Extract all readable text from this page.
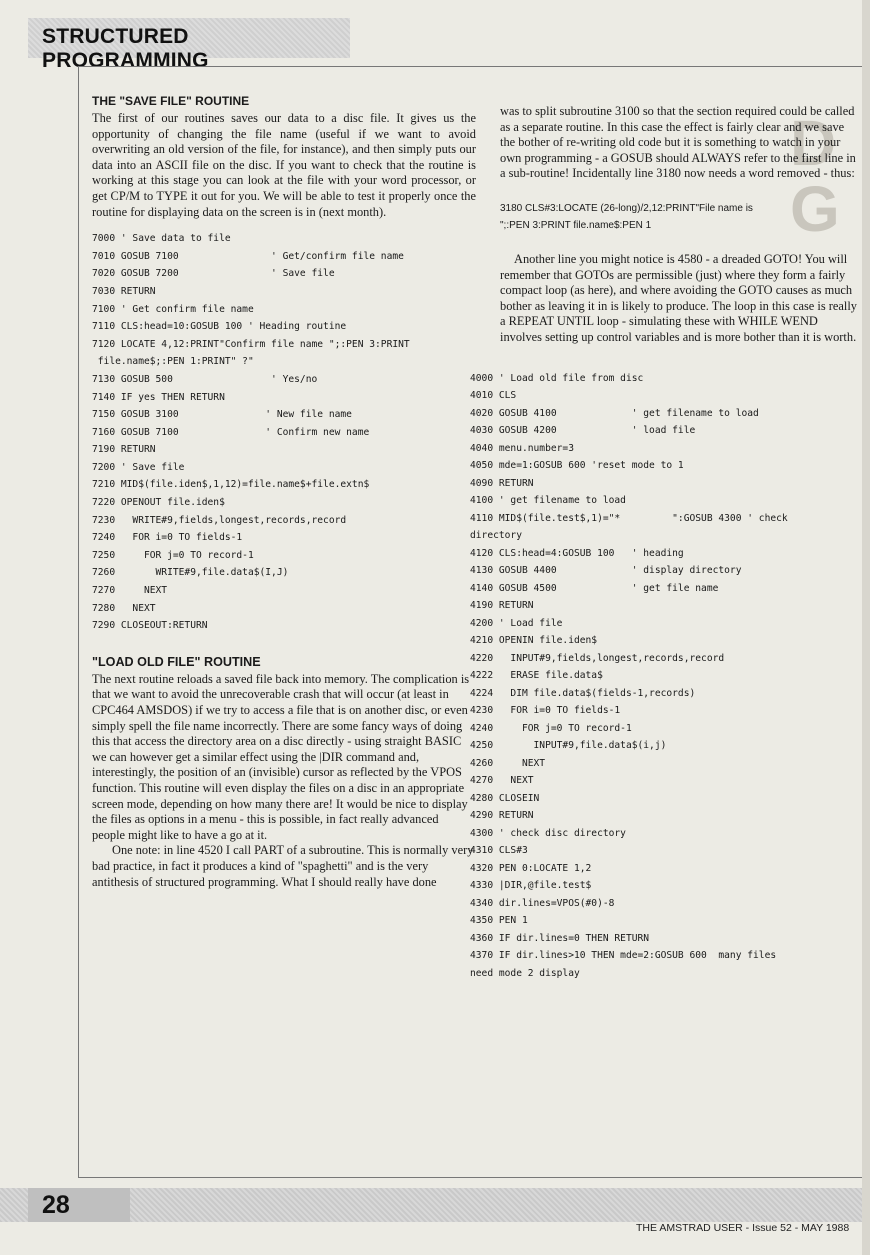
STRUCTURED PROGRAMMING
D
G
THE "SAVE FILE" ROUTINE

The first of our routines saves our data to a disc file. It gives us the opportunity of changing the file name (useful if we want to avoid overwriting an old version of the file, for instance), and then simply puts our data into an ASCII file on the disc. If you want to check that the routine is working at this stage you can look at the file with your word processor, or get CP/M to TYPE it out for you. We will be able to test it properly once the routine for displaying data on the screen is in (next month).

7000 ' Save data to file
7010 GOSUB 7100                ' Get/confirm file name
7020 GOSUB 7200                ' Save file
7030 RETURN
7100 ' Get confirm file name
7110 CLS:head=10:GOSUB 100 ' Heading routine
7120 LOCATE 4,12:PRINT"Confirm file name ";:PEN 3:PRINT
file.name$;:PEN 1:PRINT" ?"
7130 GOSUB 500                 ' Yes/no
7140 IF yes THEN RETURN
7150 GOSUB 3100               ' New file name
7160 GOSUB 7100               ' Confirm new name
7190 RETURN
7200 ' Save file
7210 MID$(file.iden$,1,12)=file.name$+file.extn$
7220 OPENOUT file.iden$
7230   WRITE#9,fields,longest,records,record
7240   FOR i=0 TO fields-1
7250     FOR j=0 TO record-1
7260       WRITE#9,file.data$(I,J)
7270     NEXT
7280   NEXT
7290 CLOSEOUT:RETURN
"LOAD OLD FILE" ROUTINE

The next routine reloads a saved file back into memory. The complication is that we want to avoid the unrecoverable crash that will occur (at least in CPC464 AMSDOS) if we try to access a file that is on another disc, or even simply spell the file name incorrectly. There are some fancy ways of doing this that access the directory area on a disc directly - using straight BASIC we can however get a similar effect using the |DIR command and, interestingly, the position of an (invisible) cursor as reflected by the VPOS function. This routine will even display the files on a disc in an appropriate screen mode, depending on how many there are! It would be nice to display the files as options in a menu - this is possible, in fact really advanced people might like to have a go at it.

One note: in line 4520 I call PART of a subroutine. This is normally very bad practice, in fact it produces a kind of "spaghetti" and is the very antithesis of structured programming. What I should really have done

was to split subroutine 3100 so that the section required could be called as a separate routine. In this case the effect is fairly clear and we save the bother of re-writing old code but it is something to watch in your own programming - a GOSUB should ALWAYS refer to the first line in a sub-routine! Incidentally line 3180 now needs a word removed - thus:

3180 CLS#3:LOCATE (26-long)/2,12:PRINT"File name is
";:PEN 3:PRINT file.name$:PEN 1

Another line you might notice is 4580 - a dreaded GOTO! You will remember that GOTOs are permissible (just) where they form a fairly compact loop (as here), and where avoiding the GOTO causes as much bother as leaving it in is likely to produce. The loop in this case is really a REPEAT UNTIL loop - simulating these with WHILE WEND involves setting up control variables and is more bother than it is worth.

4000 ' Load old file from disc
4010 CLS
4020 GOSUB 4100             ' get filename to load
4030 GOSUB 4200             ' load file
4040 menu.number=3
4050 mde=1:GOSUB 600 'reset mode to 1
4090 RETURN
4100 ' get filename to load
4110 MID$(file.test$,1)="*         ":GOSUB 4300 ' check
directory
4120 CLS:head=4:GOSUB 100   ' heading
4130 GOSUB 4400             ' display directory
4140 GOSUB 4500             ' get file name
4190 RETURN
4200 ' Load file
4210 OPENIN file.iden$
4220   INPUT#9,fields,longest,records,record
4222   ERASE file.data$
4224   DIM file.data$(fields-1,records)
4230   FOR i=0 TO fields-1
4240     FOR j=0 TO record-1
4250       INPUT#9,file.data$(i,j)
4260     NEXT
4270   NEXT
4280 CLOSEIN
4290 RETURN
4300 ' check disc directory
4310 CLS#3
4320 PEN 0:LOCATE 1,2
4330 |DIR,@file.test$
4340 dir.lines=VPOS(#0)-8
4350 PEN 1
4360 IF dir.lines=0 THEN RETURN
4370 IF dir.lines>10 THEN mde=2:GOSUB 600  many files
need mode 2 display
28
THE AMSTRAD USER - Issue 52 - MAY 1988
